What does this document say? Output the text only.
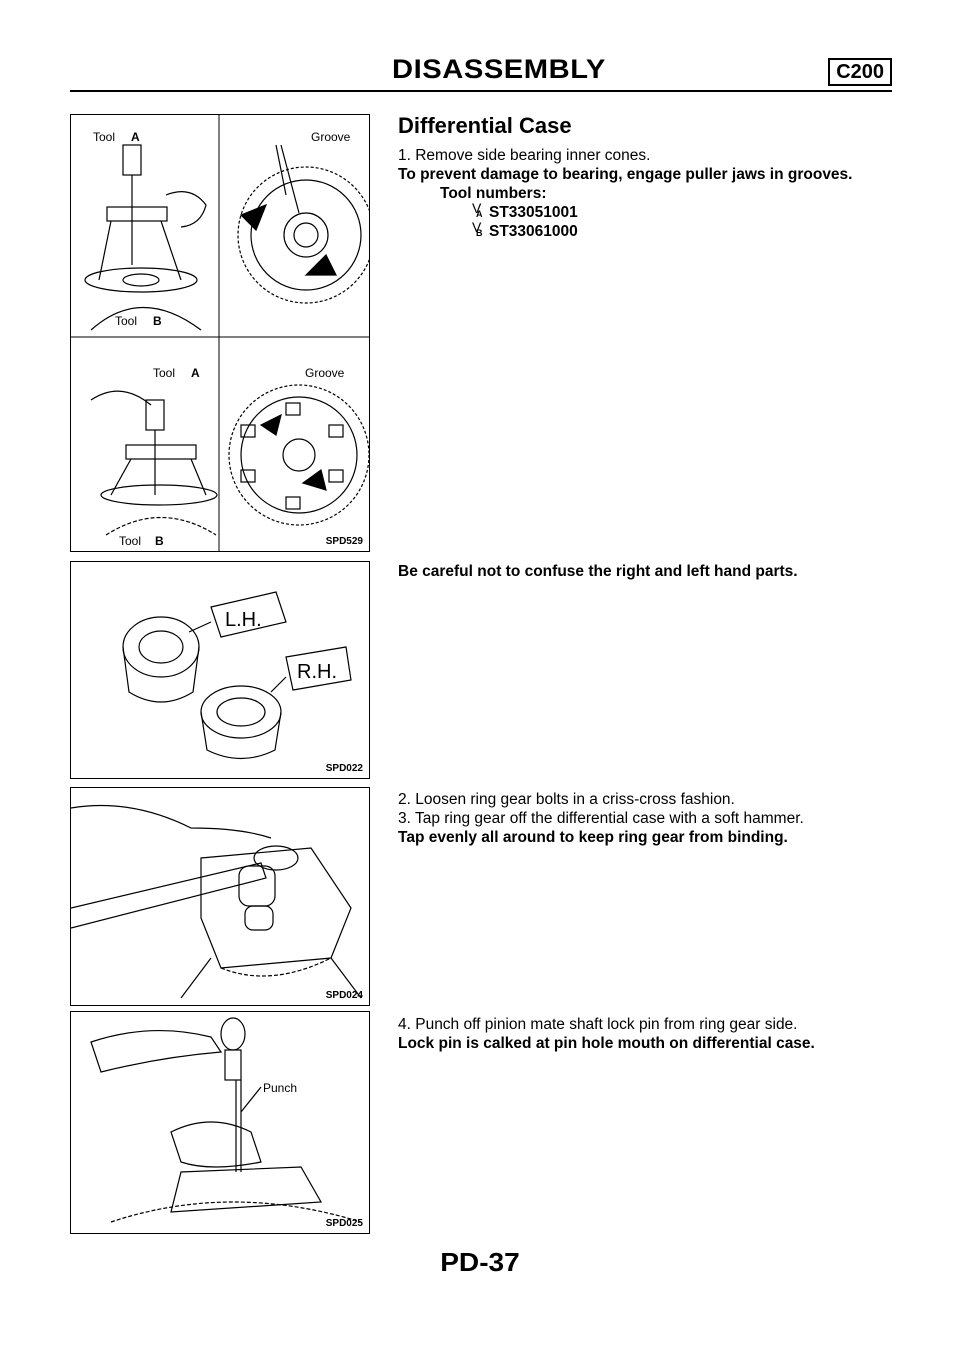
DISASSEMBLY	C200
Tool A
Tool B
Groove
Tool A
Tool B
Groove
SPD529
L.H.
R.H.
SPD022
SPD024
Punch
SPD025
Differential Case

1. Remove side bearing inner cones.

To prevent damage to bearing, engage puller jaws in grooves.

Tool numbers:
V A ST33051001
V B ST33061000

Be careful not to confuse the right and left hand parts.

2. Loosen ring gear bolts in a criss-cross fashion.

3. Tap ring gear off the differential case with a soft hammer.

Tap evenly all around to keep ring gear from binding.

4. Punch off pinion mate shaft lock pin from ring gear side.

Lock pin is calked at pin hole mouth on differential case.

PD-37
